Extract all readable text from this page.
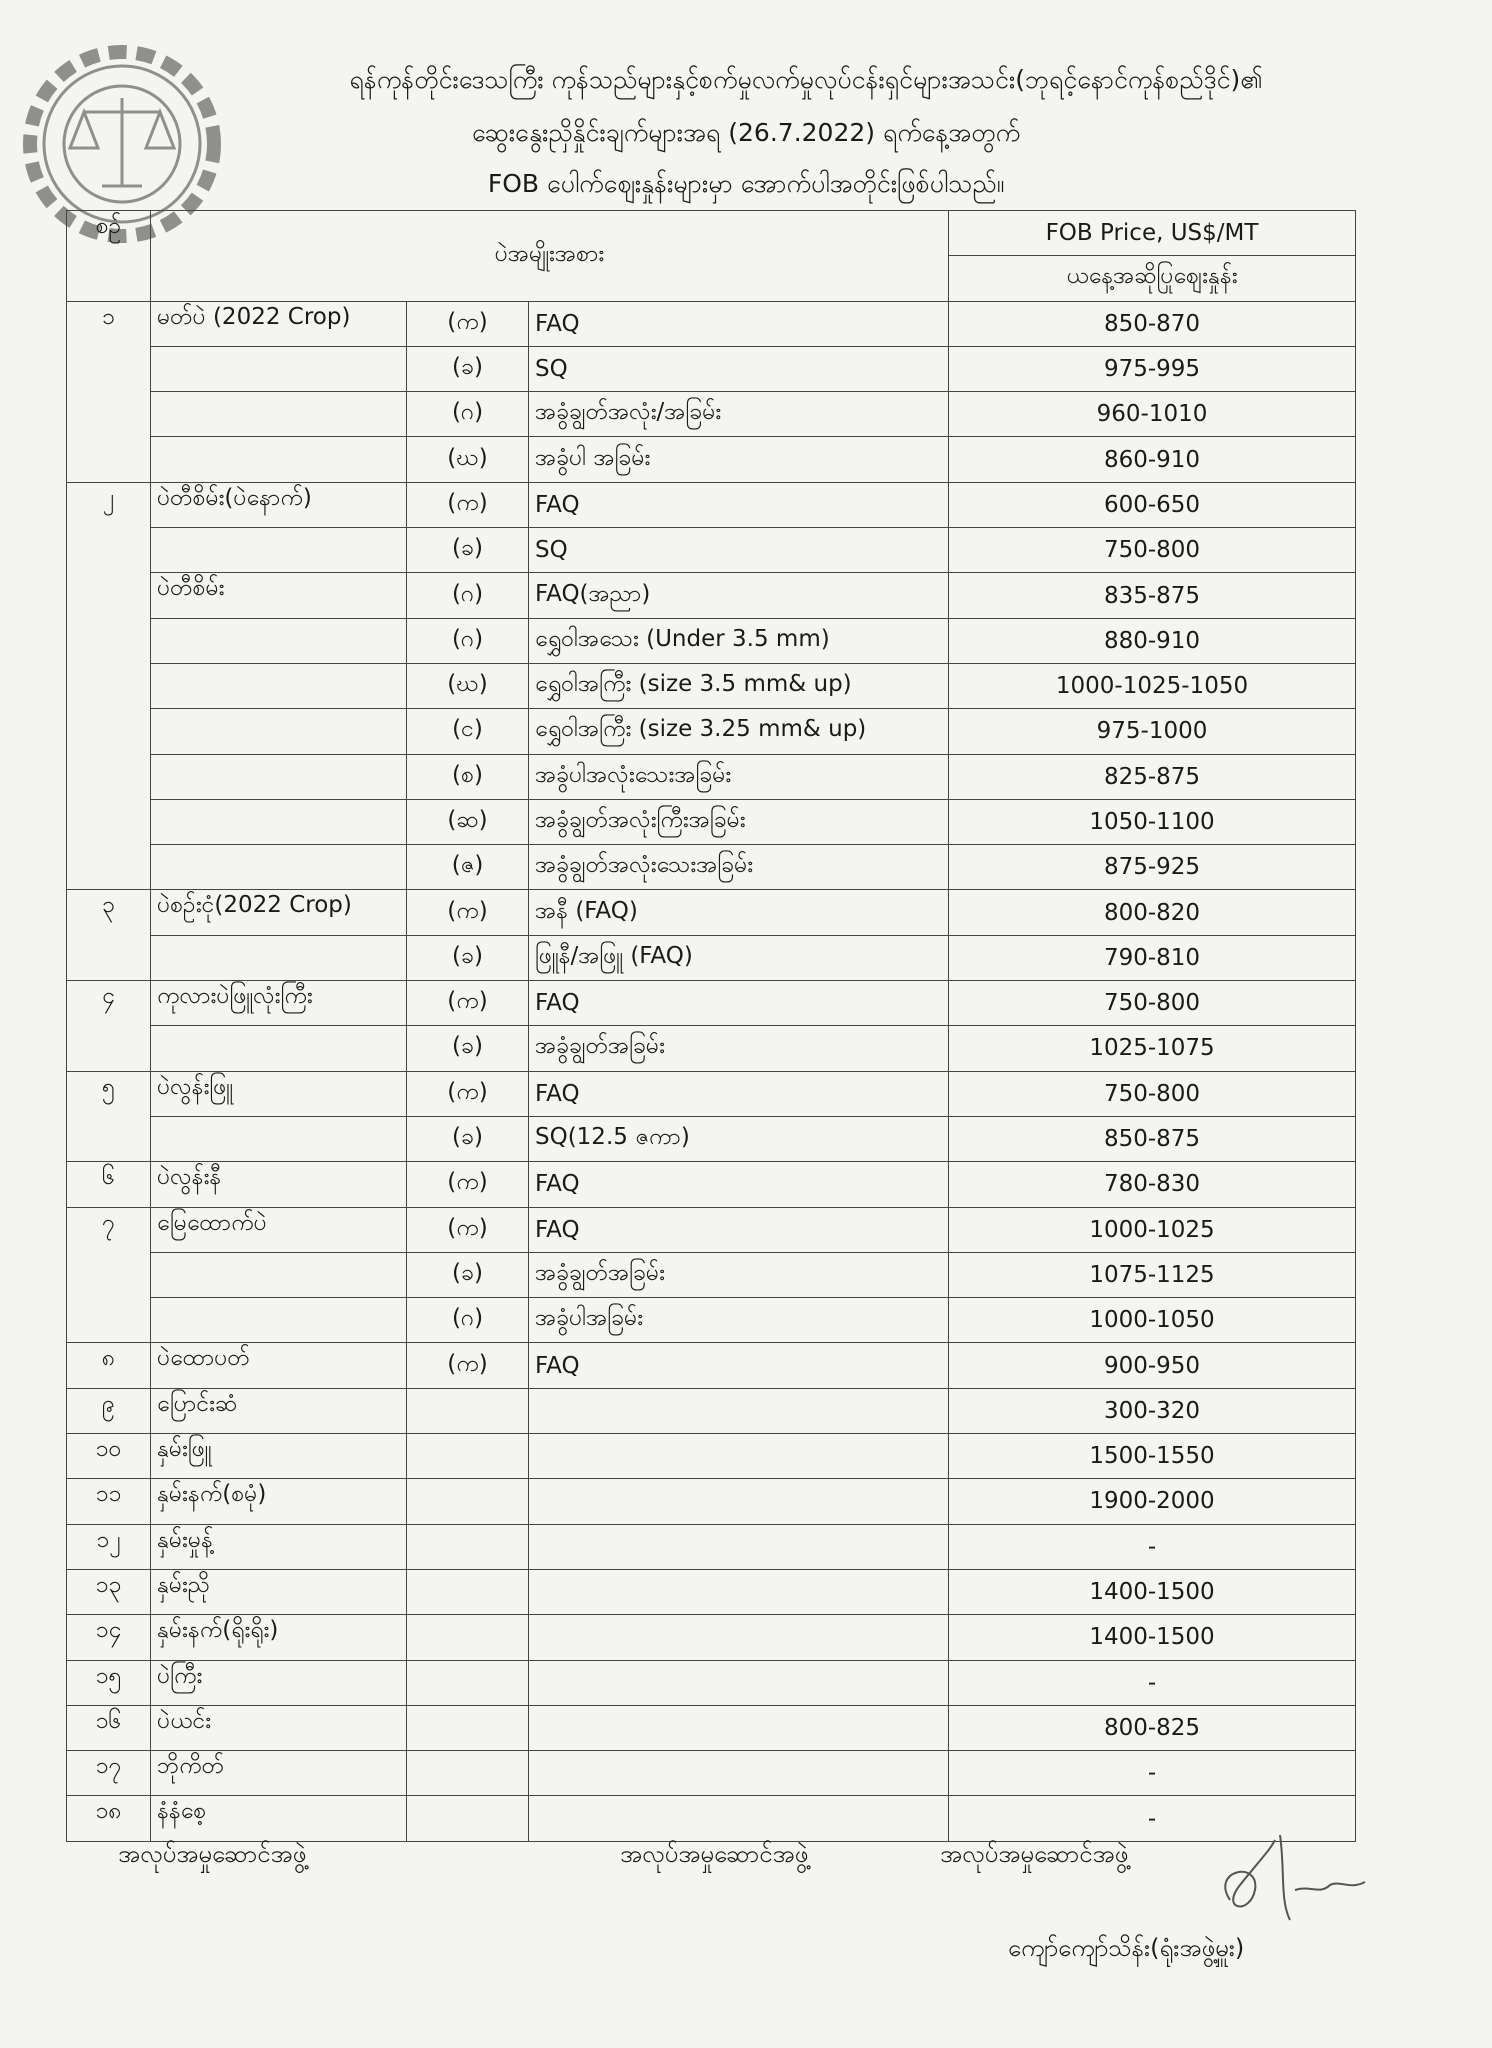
ရန်ကုန်တိုင်းဒေသကြီး ကုန်သည်များနှင့်စက်မှုလက်မှုလုပ်ငန်းရှင်များအသင်း(ဘုရင့်နောင်ကုန်စည်ဒိုင်)၏
ဆွေးနွေးညှိနှိုင်းချက်များအရ (26.7.2022) ရက်နေ့အတွက်
FOB ပေါက်ဈေးနှုန်းများမှာ အောက်ပါအတိုင်းဖြစ်ပါသည်။
စဉ်	ပဲအမျိုးအစား			FOB Price, US$/MT
				ယနေ့အဆိုပြုဈေးနှုန်း
၁	မတ်ပဲ (2022 Crop)	(က)	FAQ	850-870
		(ခ)	SQ	975-995
		(ဂ)	အခွံချွတ်အလုံး/အခြမ်း	960-1010
		(ဃ)	အခွံပါ အခြမ်း	860-910
၂	ပဲတီစိမ်း(ပဲနောက်)	(က)	FAQ	600-650
		(ခ)	SQ	750-800
	ပဲတီစိမ်း	(ဂ)	FAQ(အညာ)	835-875
		(ဂ)	ရွှေဝါအသေး (Under 3.5 mm)	880-910
		(ဃ)	ရွှေဝါအကြီး (size 3.5 mm& up)	1000-1025-1050
		(င)	ရွှေဝါအကြီး (size 3.25 mm& up)	975-1000
		(စ)	အခွံပါအလုံးသေးအခြမ်း	825-875
		(ဆ)	အခွံချွတ်အလုံးကြီးအခြမ်း	1050-1100
		(ဇ)	အခွံချွတ်အလုံးသေးအခြမ်း	875-925
၃	ပဲစဉ်းငုံ(2022 Crop)	(က)	အနီ (FAQ)	800-820
		(ခ)	ဖြူနီ/အဖြူ (FAQ)	790-810
၄	ကုလားပဲဖြူလုံးကြီး	(က)	FAQ	750-800
		(ခ)	အခွံချွတ်အခြမ်း	1025-1075
၅	ပဲလွန်းဖြူ	(က)	FAQ	750-800
		(ခ)	SQ(12.5 ဇကာ)	850-875
၆	ပဲလွန်းနီ	(က)	FAQ	780-830
၇	မြေထောက်ပဲ	(က)	FAQ	1000-1025
		(ခ)	အခွံချွတ်အခြမ်း	1075-1125
		(ဂ)	အခွံပါအခြမ်း	1000-1050
၈	ပဲထောပတ်	(က)	FAQ	900-950
၉	ပြောင်းဆံ			300-320
၁၀	နှမ်းဖြူ			1500-1550
၁၁	နှမ်းနက်(စမုံ)			1900-2000
၁၂	နှမ်းမှုန့်			-
၁၃	နှမ်းညို			1400-1500
၁၄	နှမ်းနက်(ရိုးရိုး)			1400-1500
၁၅	ပဲကြီး			-
၁၆	ပဲယင်း			800-825
၁၇	ဘိုကိတ်			-
၁၈	နံနံစေ့			-
အလုပ်အမှုဆောင်အဖွဲ့	အလုပ်အမှုဆောင်အဖွဲ့	အလုပ်အမှုဆောင်အဖွဲ့
ကျော်ကျော်သိန်း(ရုံးအဖွဲ့မှူး)
